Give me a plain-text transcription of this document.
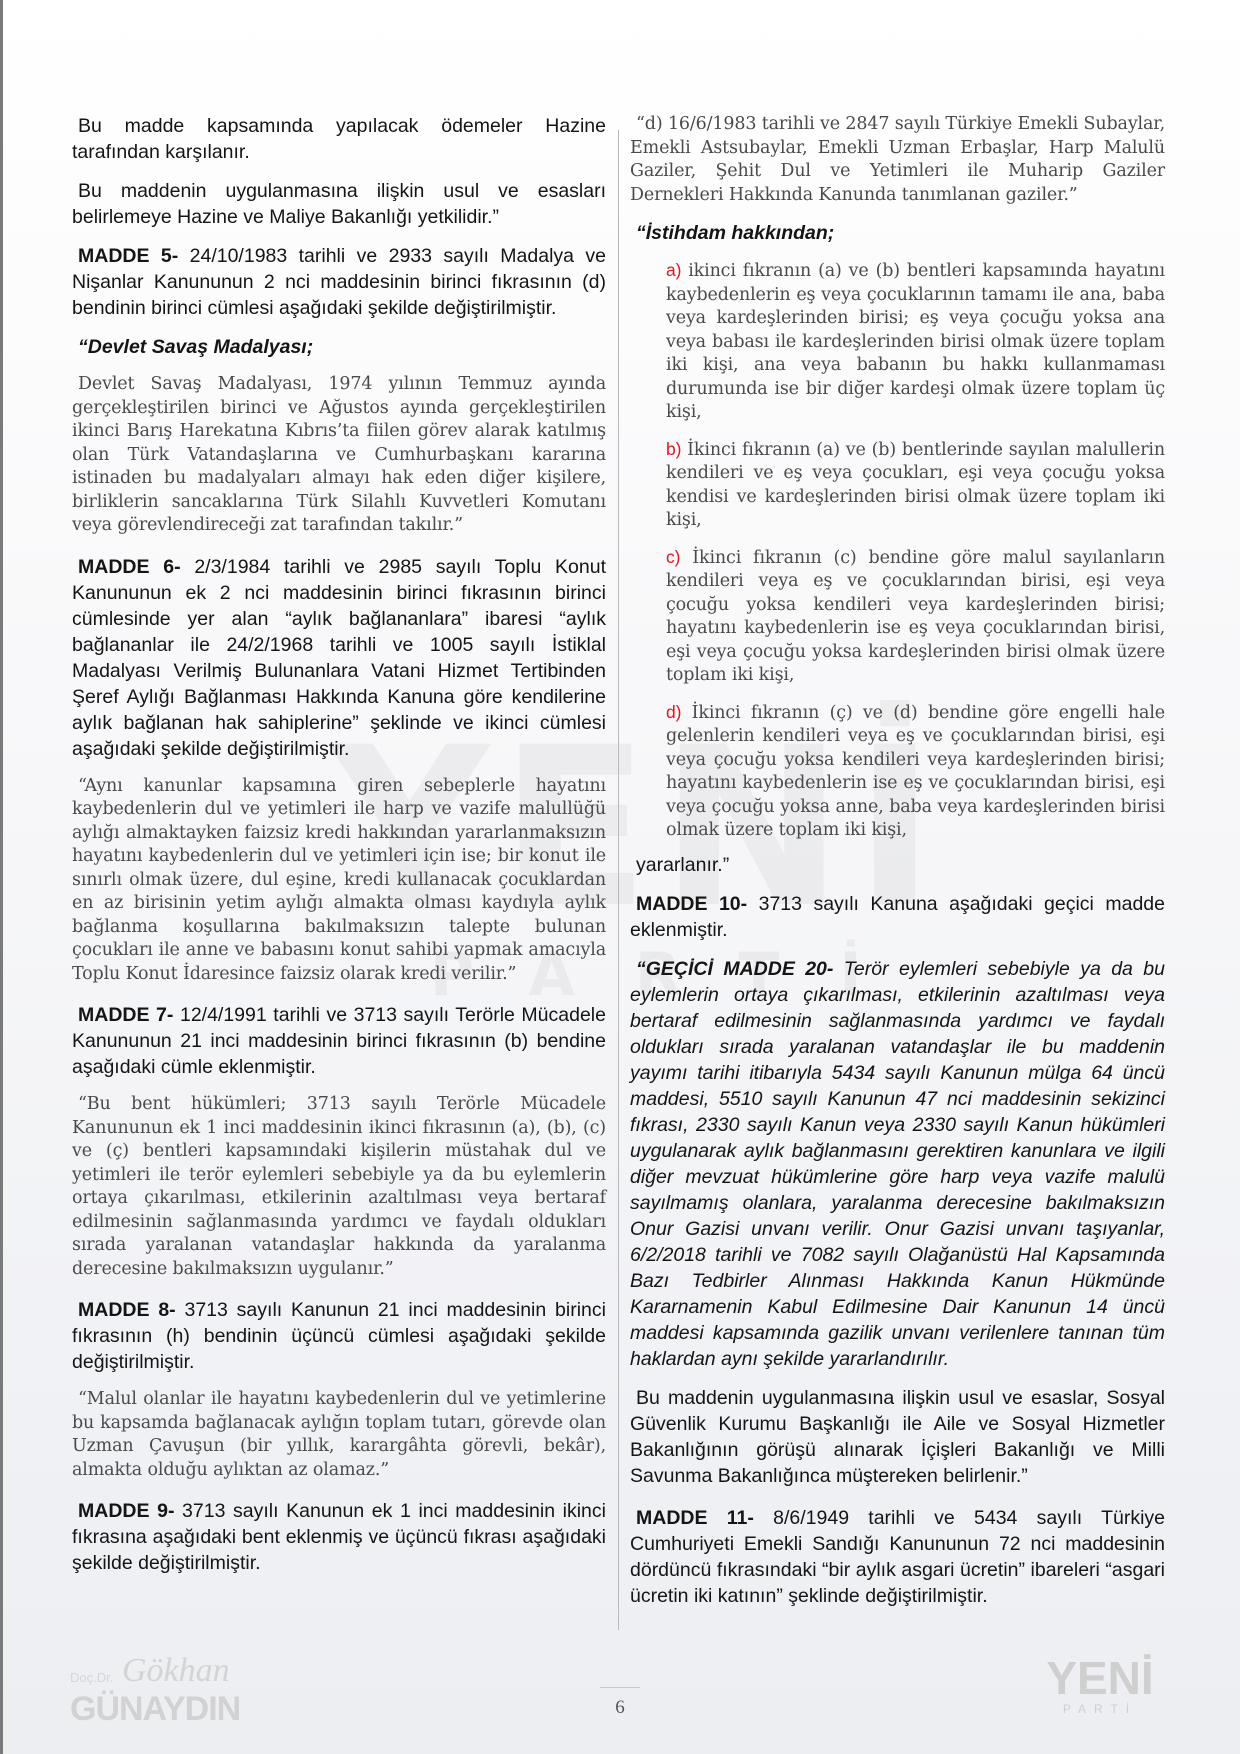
Bu madde kapsamında yapılacak ödemeler Hazine tarafından karşılanır.

Bu maddenin uygulanmasına ilişkin usul ve esasları belirlemeye Hazine ve Maliye Bakanlığı yetkilidir.”

MADDE 5- 24/10/1983 tarihli ve 2933 sayılı Madalya ve Nişanlar Kanununun 2 nci maddesinin birinci fıkrasının (d) bendinin birinci cümlesi aşağıdaki şekilde değiştirilmiştir.

“Devlet Savaş Madalyası;

Devlet Savaş Madalyası, 1974 yılının Temmuz ayında gerçekleştirilen birinci ve Ağustos ayında gerçekleştirilen ikinci Barış Harekatına Kıbrıs’ta fiilen görev alarak katılmış olan Türk Vatandaşlarına ve Cumhurbaşkanı kararına istinaden bu madalyaları almayı hak eden diğer kişilere, birliklerin sancaklarına Türk Silahlı Kuvvetleri Komutanı veya görevlendireceği zat tarafından takılır.”

MADDE 6- 2/3/1984 tarihli ve 2985 sayılı Toplu Konut Kanununun ek 2 nci maddesinin birinci fıkrasının birinci cümlesinde yer alan “aylık bağlananlara” ibaresi “aylık bağlananlar ile 24/2/1968 tarihli ve 1005 sayılı İstiklal Madalyası Verilmiş Bulunanlara Vatani Hizmet Tertibinden Şeref Aylığı Bağlanması Hakkında Kanuna göre kendilerine aylık bağlanan hak sahiplerine” şeklinde ve ikinci cümlesi aşağıdaki şekilde değiştirilmiştir.

“Aynı kanunlar kapsamına giren sebeplerle hayatını kaybedenlerin dul ve yetimleri ile harp ve vazife malullüğü aylığı almaktayken faizsiz kredi hakkından yararlanmaksızın hayatını kaybedenlerin dul ve yetimleri için ise; bir konut ile sınırlı olmak üzere, dul eşine, kredi kullanacak çocuklardan en az birisinin yetim aylığı almakta olması kaydıyla aylık bağlanma koşullarına bakılmaksızın talepte bulunan çocukları ile anne ve babasını konut sahibi yapmak amacıyla Toplu Konut İdaresince faizsiz olarak kredi verilir.”

MADDE 7- 12/4/1991 tarihli ve 3713 sayılı Terörle Mücadele Kanununun 21 inci maddesinin birinci fıkrasının (b) bendine aşağıdaki cümle eklenmiştir.

“Bu bent hükümleri; 3713 sayılı Terörle Mücadele Kanununun ek 1 inci maddesinin ikinci fıkrasının (a), (b), (c) ve (ç) bentleri kapsamındaki kişilerin müstahak dul ve yetimleri ile terör eylemleri sebebiyle ya da bu eylemlerin ortaya çıkarılması, etkilerinin azaltılması veya bertaraf edilmesinin sağlanmasında yardımcı ve faydalı oldukları sırada yaralanan vatandaşlar hakkında da yaralanma derecesine bakılmaksızın uygulanır.”

MADDE 8- 3713 sayılı Kanunun 21 inci maddesinin birinci fıkrasının (h) bendinin üçüncü cümlesi aşağıdaki şekilde değiştirilmiştir.

“Malul olanlar ile hayatını kaybedenlerin dul ve yetimlerine bu kapsamda bağlanacak aylığın toplam tutarı, görevde olan Uzman Çavuşun (bir yıllık, karargâhta görevli, bekâr), almakta olduğu aylıktan az olamaz.”

MADDE 9- 3713 sayılı Kanunun ek 1 inci maddesinin ikinci fıkrasına aşağıdaki bent eklenmiş ve üçüncü fıkrası aşağıdaki şekilde değiştirilmiştir.

“d) 16/6/1983 tarihli ve 2847 sayılı Türkiye Emekli Subaylar, Emekli Astsubaylar, Emekli Uzman Erbaşlar, Harp Malulü Gaziler, Şehit Dul ve Yetimleri ile Muharip Gaziler Dernekleri Hakkında Kanunda tanımlanan gaziler.”

“İstihdam hakkından;

a) ikinci fıkranın (a) ve (b) bentleri kapsamında hayatını kaybedenlerin eş veya çocuklarının tamamı ile ana, baba veya kardeşlerinden birisi; eş veya çocuğu yoksa ana veya babası ile kardeşlerinden birisi olmak üzere toplam iki kişi, ana veya babanın bu hakkı kullanmaması durumunda ise bir diğer kardeşi olmak üzere toplam üç kişi,

b) İkinci fıkranın (a) ve (b) bentlerinde sayılan malullerin kendileri ve eş veya çocukları, eşi veya çocuğu yoksa kendisi ve kardeşlerinden birisi olmak üzere toplam iki kişi,

c) İkinci fıkranın (c) bendine göre malul sayılanların kendileri veya eş ve çocuklarından birisi, eşi veya çocuğu yoksa kendileri veya kardeşlerinden birisi; hayatını kaybedenlerin ise eş veya çocuklarından birisi, eşi veya çocuğu yoksa kardeşlerinden birisi olmak üzere toplam iki kişi,

d) İkinci fıkranın (ç) ve (d) bendine göre engelli hale gelenlerin kendileri veya eş ve çocuklarından birisi, eşi veya çocuğu yoksa kendileri veya kardeşlerinden birisi; hayatını kaybedenlerin ise eş ve çocuklarından birisi, eşi veya çocuğu yoksa anne, baba veya kardeşlerinden birisi olmak üzere toplam iki kişi,

yararlanır.”

MADDE 10- 3713 sayılı Kanuna aşağıdaki geçici madde eklenmiştir.

“GEÇİCİ MADDE 20- Terör eylemleri sebebiyle ya da bu eylemlerin ortaya çıkarılması, etkilerinin azaltılması veya bertaraf edilmesinin sağlanmasında yardımcı ve faydalı oldukları sırada yaralanan vatandaşlar ile bu maddenin yayımı tarihi itibarıyla 5434 sayılı Kanunun mülga 64 üncü maddesi, 5510 sayılı Kanunun 47 nci maddesinin sekizinci fıkrası, 2330 sayılı Kanun veya 2330 sayılı Kanun hükümleri uygulanarak aylık bağlanmasını gerektiren kanunlara ve ilgili diğer mevzuat hükümlerine göre harp veya vazife malulü sayılmamış olanlara, yaralanma derecesine bakılmaksızın Onur Gazisi unvanı verilir. Onur Gazisi unvanı taşıyanlar, 6/2/2018 tarihli ve 7082 sayılı Olağanüstü Hal Kapsamında Bazı Tedbirler Alınması Hakkında Kanun Hükmünde Kararnamenin Kabul Edilmesine Dair Kanunun 14 üncü maddesi kapsamında gazilik unvanı verilenlere tanınan tüm haklardan aynı şekilde yararlandırılır.

Bu maddenin uygulanmasına ilişkin usul ve esaslar, Sosyal Güvenlik Kurumu Başkanlığı ile Aile ve Sosyal Hizmetler Bakanlığının görüşü alınarak İçişleri Bakanlığı ve Milli Savunma Bakanlığınca müştereken belirlenir.”

MADDE 11- 8/6/1949 tarihli ve 5434 sayılı Türkiye Cumhuriyeti Emekli Sandığı Kanununun 72 nci maddesinin dördüncü fıkrasındaki “bir aylık asgari ücretin” ibareleri “asgari ücretin iki katının” şeklinde değiştirilmiştir.

6
Doç.Dr. Gökhan
GÜNAYDIN
YENİ
PARTİ
